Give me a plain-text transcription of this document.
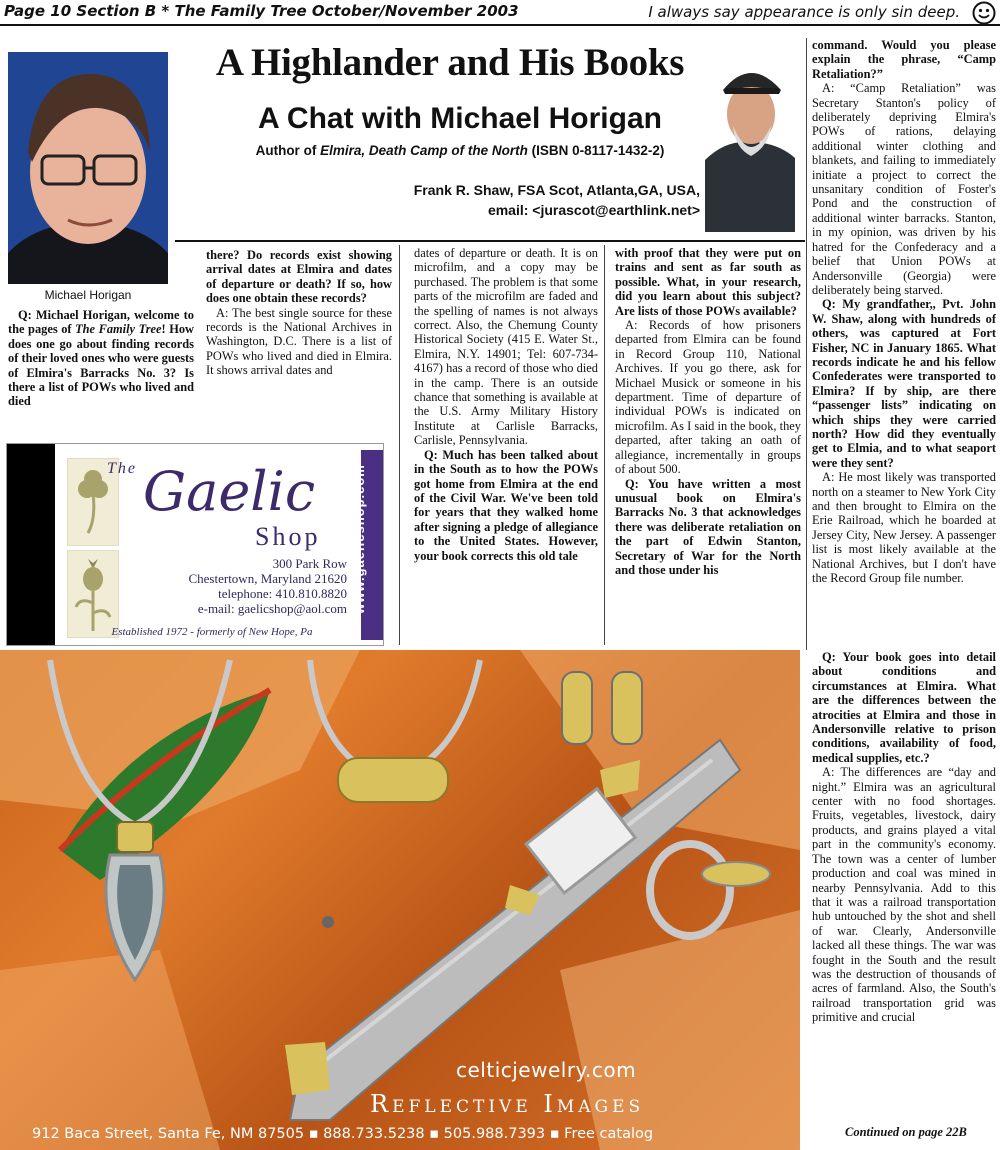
Page 10 Section B * The Family Tree October/November 2003	I always say appearance is only sin deep.
Michael Horigan
A Highlander and His Books
A Chat with Michael Horigan
Author of Elmira, Death Camp of the North (ISBN 0-8117-1432-2)
Frank R. Shaw, FSA Scot, Atlanta,GA, USA,
email: <jurascot@earthlink.net>

Q: Michael Horigan, welcome to the pages of The Family Tree! How does one go about finding records of their loved ones who were guests of Elmira's Barracks No. 3? Is there a list of POWs who lived and died

there? Do records exist showing arrival dates at Elmira and dates of departure or death? If so, how does one obtain these records?

A: The best single source for these records is the National Archives in Washington, D.C. There is a list of POWs who lived and died in Elmira. It shows arrival dates and

dates of departure or death. It is on microfilm, and a copy may be purchased. The problem is that some parts of the microfilm are faded and the spelling of names is not always correct. Also, the Chemung County Historical Society (415 E. Water St., Elmira, N.Y. 14901; Tel: 607-734-4167) has a record of those who died in the camp. There is an outside chance that something is available at the U.S. Army Military History Institute at Carlisle Barracks, Carlisle, Pennsylvania.

Q: Much has been talked about in the South as to how the POWs got home from Elmira at the end of the Civil War. We've been told for years that they walked home after signing a pledge of allegiance to the United States. However, your book corrects this old tale

with proof that they were put on trains and sent as far south as possible. What, in your research, did you learn about this subject? Are lists of those POWs available?

A: Records of how prisoners departed from Elmira can be found in Record Group 110, National Archives. If you go there, ask for Michael Musick or someone in his department. Time of departure of individual POWs is indicated on microfilm. As I said in the book, they departed, after taking an oath of allegiance, incrementally in groups of about 500.

Q: You have written a most unusual book on Elmira's Barracks No. 3 that acknowledges there was deliberate retaliation on the part of Edwin Stanton, Secretary of War for the North and those under his

command. Would you please explain the phrase, “Camp Retaliation?”

A: “Camp Retaliation” was Secretary Stanton's policy of deliberately depriving Elmira's POWs of rations, delaying additional winter clothing and blankets, and failing to immediately initiate a project to correct the unsanitary condition of Foster's Pond and the construction of additional winter barracks. Stanton, in my opinion, was driven by his hatred for the Confederacy and a belief that Union POWs at Andersonville (Georgia) were deliberately being starved.

Q: My grandfather,, Pvt. John W. Shaw, along with hundreds of others, was captured at Fort Fisher, NC in January 1865. What records indicate he and his fellow Confederates were transported to Elmira? If by ship, are there “passenger lists” indicating on which ships they were carried north? How did they eventually get to Elmia, and to what seaport were they sent?

A: He most likely was transported north on a steamer to New York City and then brought to Elmira on the Erie Railroad, which he boarded at Jersey City, New Jersey. A passenger list is most likely available at the National Archives, but I don't have the Record Group file number.

Q: Your book goes into detail about conditions and circumstances at Elmira. What are the differences between the atrocities at Elmira and those in Andersonville relative to prison conditions, availability of food, medical supplies, etc.?

A: The differences are “day and night.” Elmira was an agricultural center with no food shortages. Fruits, vegetables, livestock, dairy products, and grains played a vital part in the community's economy. The town was a center of lumber production and coal was mined in nearby Pennsylvania. Add to this that it was a railroad transportation hub untouched by the shot and shell of war. Clearly, Andersonville lacked all these things. The war was fought in the South and the result was the destruction of thousands of acres of farmland. Also, the South's railroad transportation grid was primitive and crucial

Continued on page 22B
The Gaelic
Shop
300 Park Row
Chestertown, Maryland 21620
telephone: 410.810.8820
e-mail: gaelicshop@aol.com
Established 1972 - formerly of New Hope, Pa
www.gaelicshop.com
celticjewelry.com
Reflective Images
912 Baca Street, Santa Fe, NM 87505 ▪ 888.733.5238 ▪ 505.988.7393 ▪ Free catalog
